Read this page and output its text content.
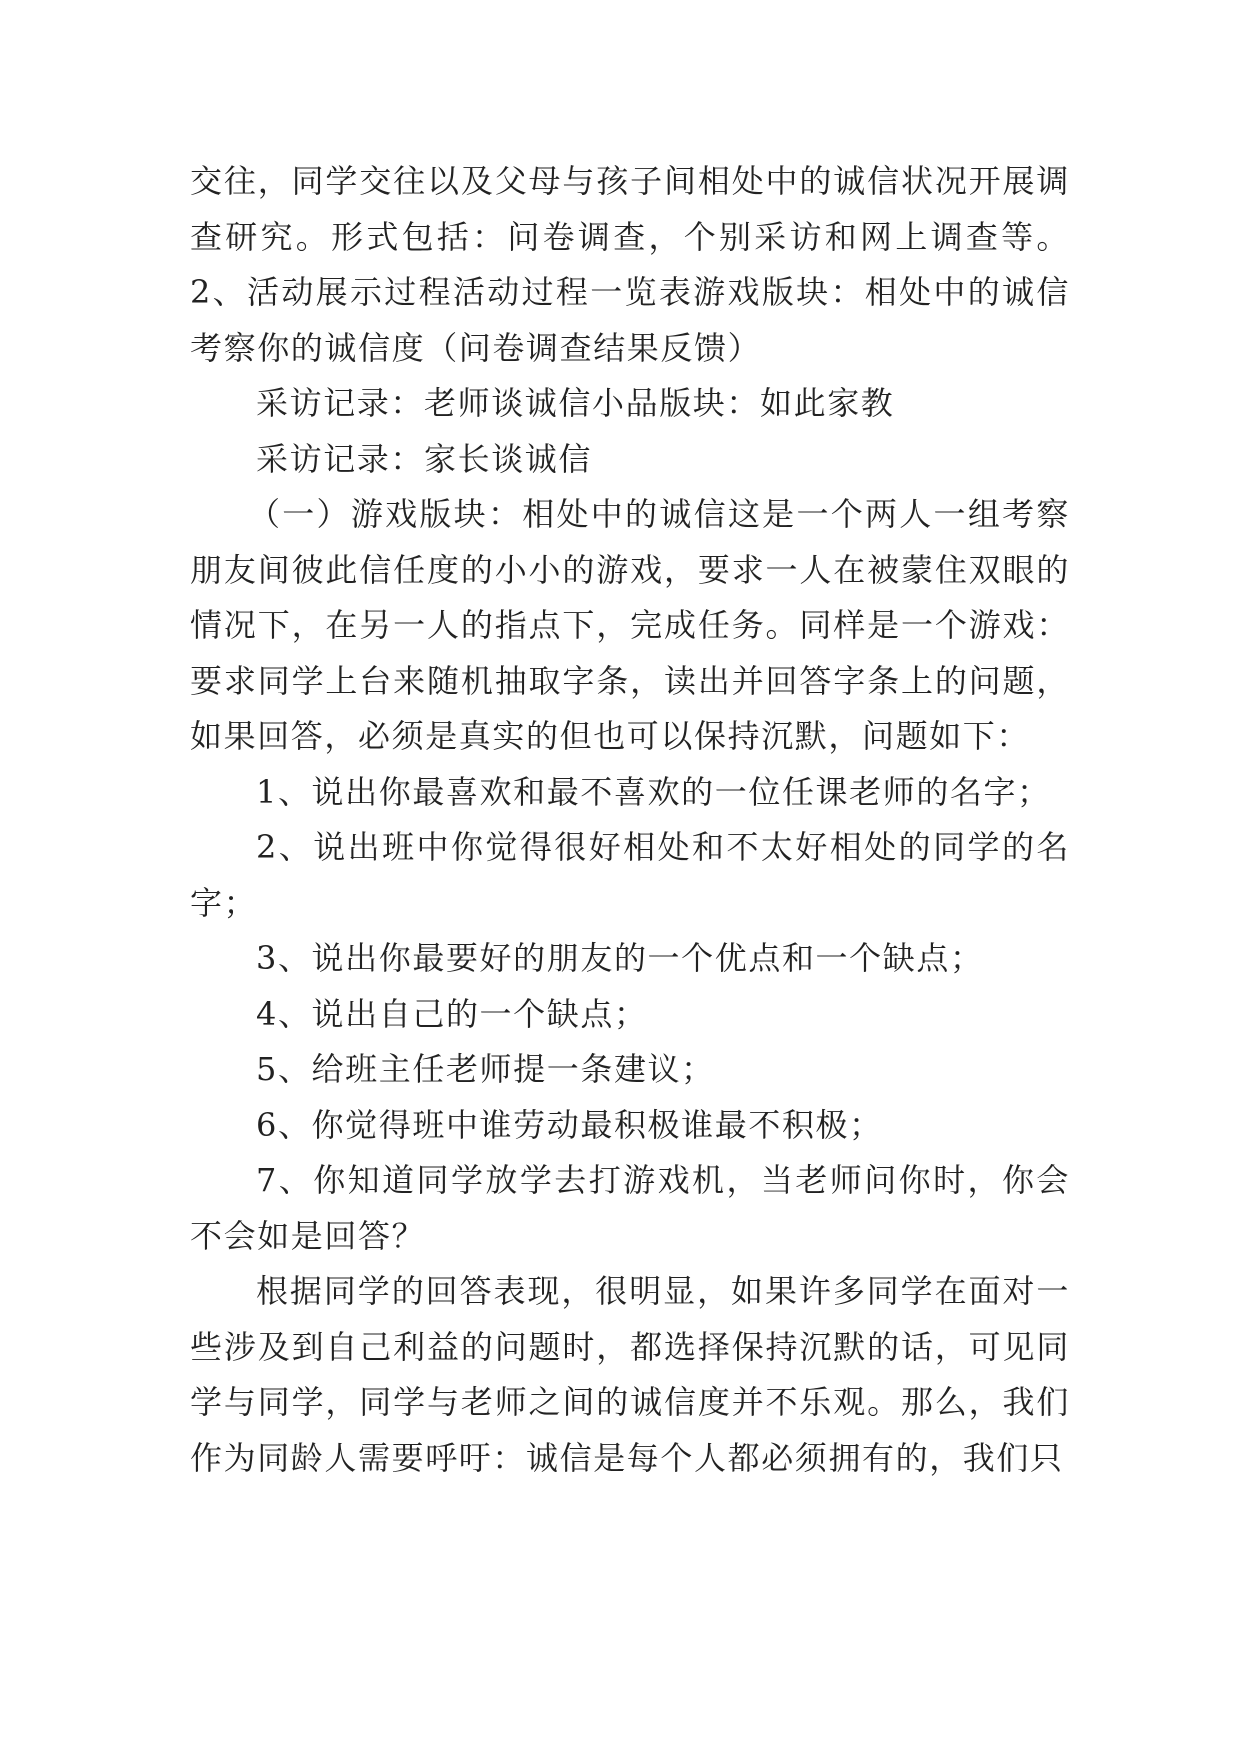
交往，同学交往以及父母与孩子间相处中的诚信状况开展调查研究。形式包括：问卷调查，个别采访和网上调查等。2、活动展示过程活动过程一览表游戏版块：相处中的诚信考察你的诚信度（问卷调查结果反馈）

采访记录：老师谈诚信小品版块：如此家教

采访记录：家长谈诚信

（一）游戏版块：相处中的诚信这是一个两人一组考察朋友间彼此信任度的小小的游戏，要求一人在被蒙住双眼的情况下，在另一人的指点下，完成任务。同样是一个游戏：要求同学上台来随机抽取字条，读出并回答字条上的问题，如果回答，必须是真实的但也可以保持沉默，问题如下：

1、说出你最喜欢和最不喜欢的一位任课老师的名字；

2、说出班中你觉得很好相处和不太好相处的同学的名字；

3、说出你最要好的朋友的一个优点和一个缺点；

4、说出自己的一个缺点；

5、给班主任老师提一条建议；

6、你觉得班中谁劳动最积极谁最不积极；

7、你知道同学放学去打游戏机，当老师问你时，你会不会如是回答？

根据同学的回答表现，很明显，如果许多同学在面对一些涉及到自己利益的问题时，都选择保持沉默的话，可见同学与同学，同学与老师之间的诚信度并不乐观。那么，我们作为同龄人需要呼吁：诚信是每个人都必须拥有的，我们只
